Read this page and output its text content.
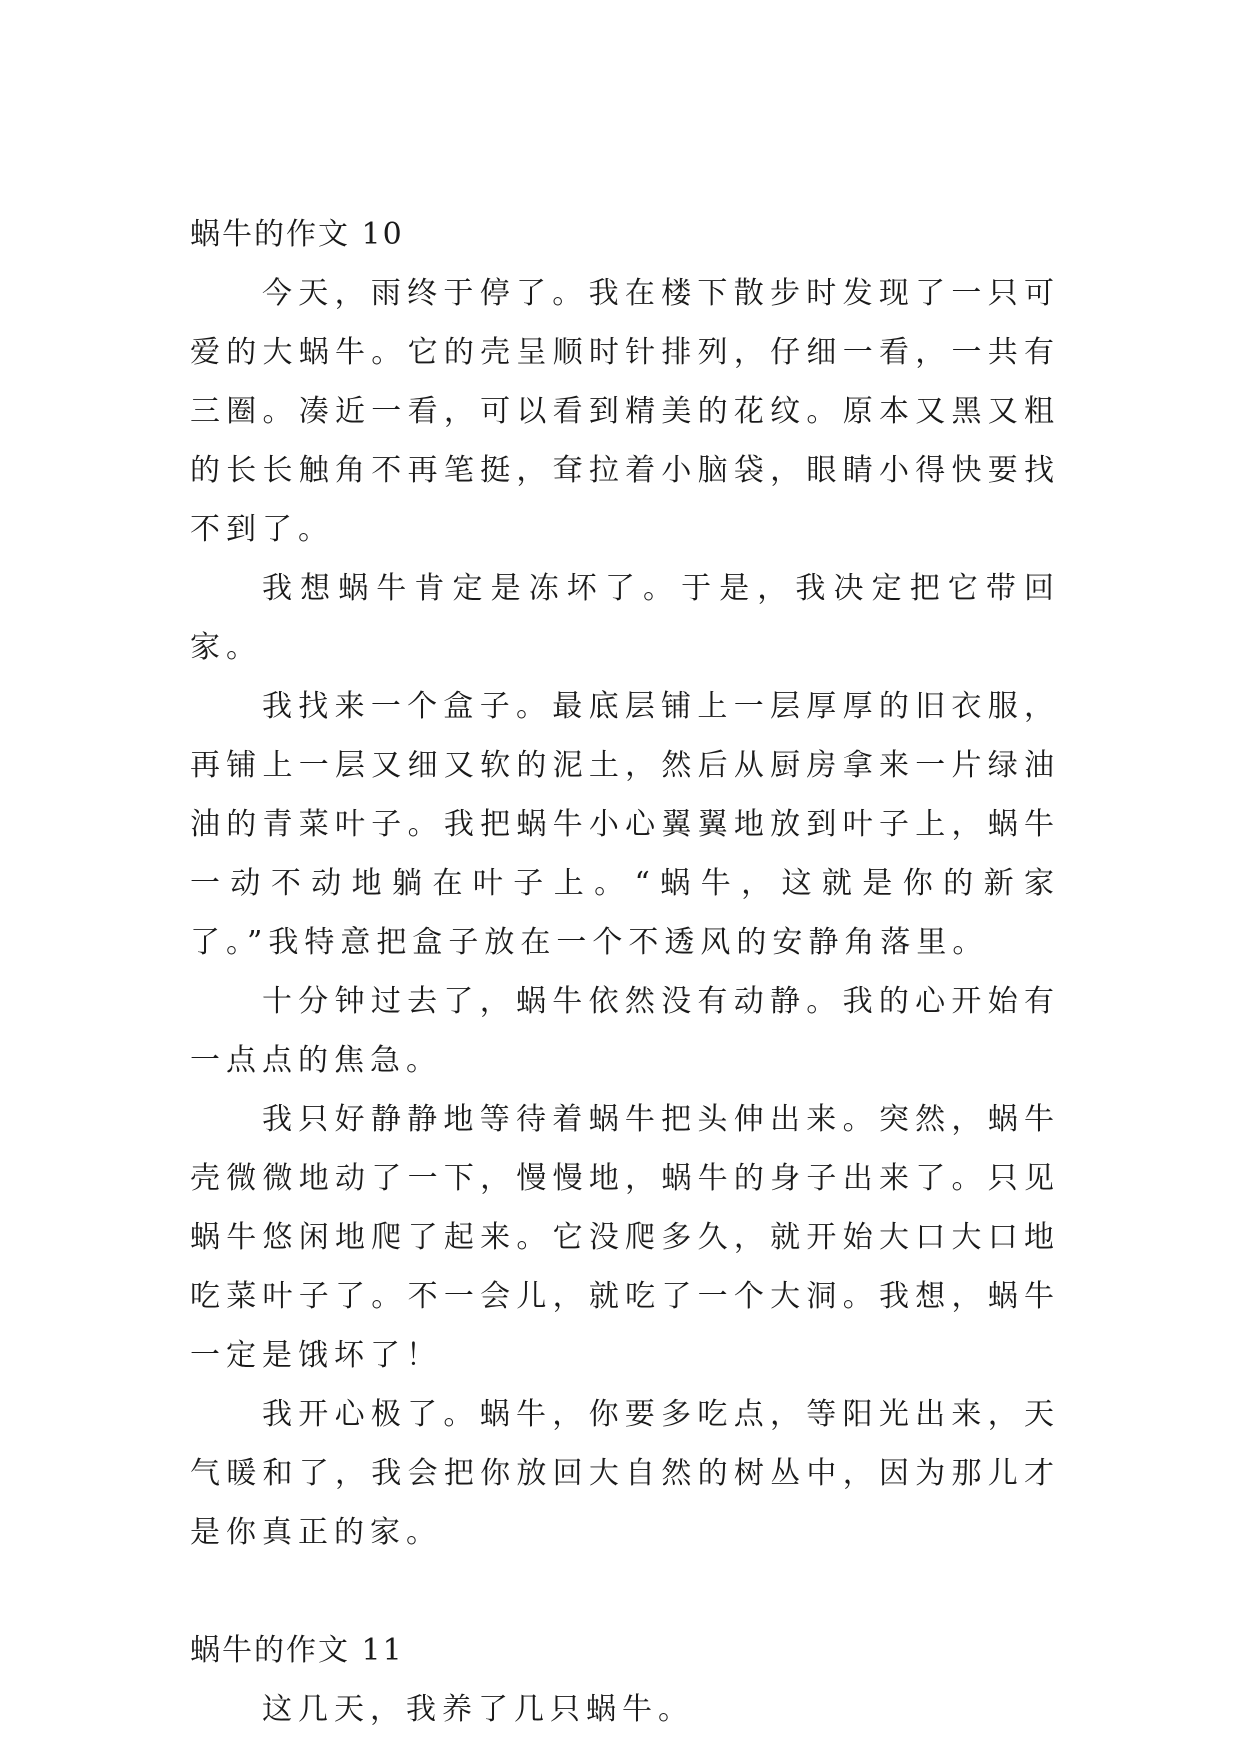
蜗牛的作文 10

今天，雨终于停了。我在楼下散步时发现了一只可爱的大蜗牛。它的壳呈顺时针排列，仔细一看，一共有三圈。凑近一看，可以看到精美的花纹。原本又黑又粗的长长触角不再笔挺，耷拉着小脑袋，眼睛小得快要找不到了。

我想蜗牛肯定是冻坏了。于是，我决定把它带回家。

我找来一个盒子。最底层铺上一层厚厚的旧衣服，再铺上一层又细又软的泥土，然后从厨房拿来一片绿油油的青菜叶子。我把蜗牛小心翼翼地放到叶子上，蜗牛一动不动地躺在叶子上。“蜗牛，这就是你的新家了。”我特意把盒子放在一个不透风的安静角落里。

十分钟过去了，蜗牛依然没有动静。我的心开始有一点点的焦急。

我只好静静地等待着蜗牛把头伸出来。突然，蜗牛壳微微地动了一下，慢慢地，蜗牛的身子出来了。只见蜗牛悠闲地爬了起来。它没爬多久，就开始大口大口地吃菜叶子了。不一会儿，就吃了一个大洞。我想，蜗牛一定是饿坏了！

我开心极了。蜗牛，你要多吃点，等阳光出来，天气暖和了，我会把你放回大自然的树丛中，因为那儿才是你真正的家。

蜗牛的作文 11

这几天，我养了几只蜗牛。
